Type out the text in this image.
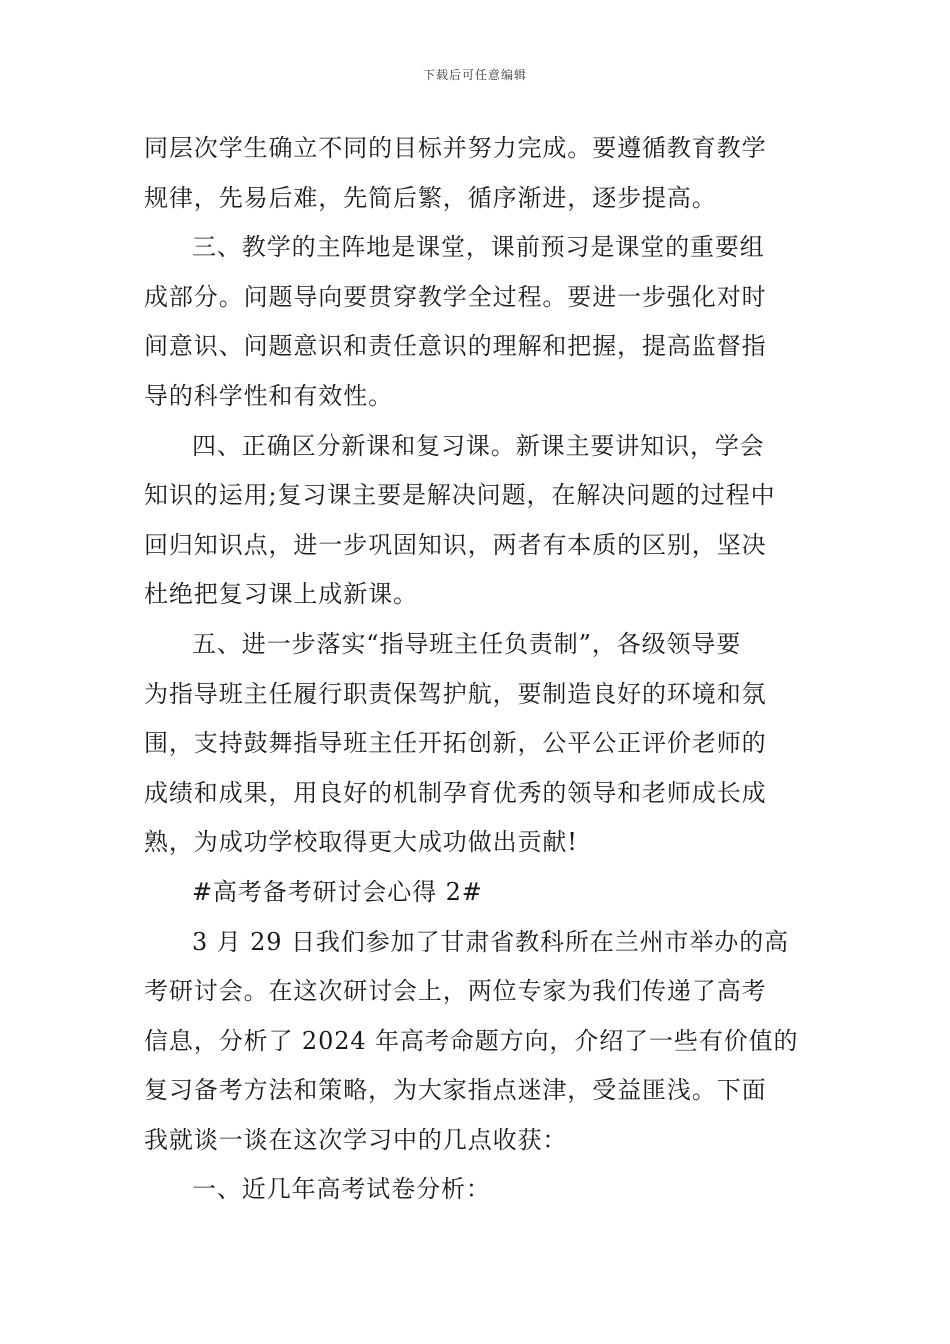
下载后可任意编辑
同层次学生确立不同的目标并努力完成。要遵循教育教学
规律，先易后难，先简后繁，循序渐进，逐步提高。
三、教学的主阵地是课堂，课前预习是课堂的重要组
成部分。问题导向要贯穿教学全过程。要进一步强化对时
间意识、问题意识和责任意识的理解和把握，提高监督指
导的科学性和有效性。
四、正确区分新课和复习课。新课主要讲知识，学会
知识的运用;复习课主要是解决问题，在解决问题的过程中
回归知识点，进一步巩固知识，两者有本质的区别，坚决
杜绝把复习课上成新课。
五、进一步落实“指导班主任负责制”，各级领导要
为指导班主任履行职责保驾护航，要制造良好的环境和氛
围，支持鼓舞指导班主任开拓创新，公平公正评价老师的
成绩和成果，用良好的机制孕育优秀的领导和老师成长成
熟，为成功学校取得更大成功做出贡献!
#高考备考研讨会心得 2#
3 月 29 日我们参加了甘肃省教科所在兰州市举办的高
考研讨会。在这次研讨会上，两位专家为我们传递了高考
信息，分析了 2024 年高考命题方向，介绍了一些有价值的
复习备考方法和策略，为大家指点迷津，受益匪浅。下面
我就谈一谈在这次学习中的几点收获：
一、近几年高考试卷分析：
